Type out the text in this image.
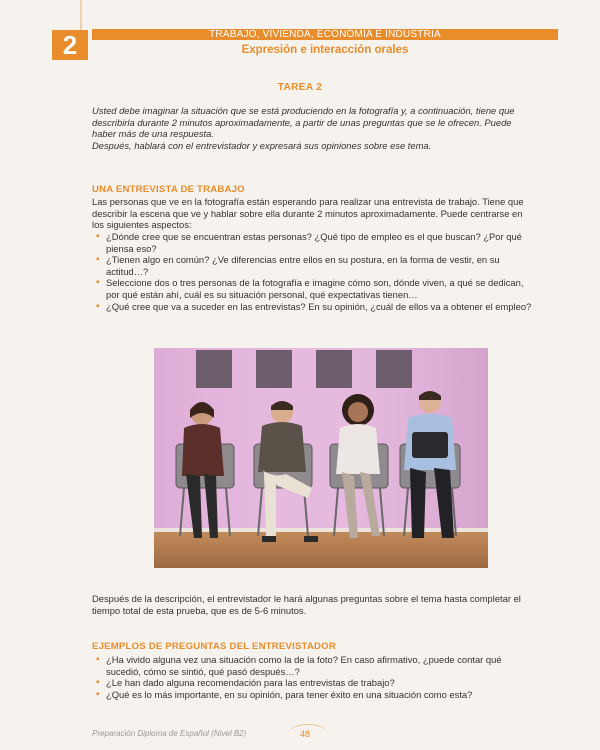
2	TRABAJO, VIVIENDA, ECONOMÍA E INDUSTRIA
Expresión e interacción orales
TAREA 2

Usted debe imaginar la situación que se está produciendo en la fotografía y, a continuación, tiene que describirla durante 2 minutos aproximadamente, a partir de unas preguntas que se le ofrecen. Puede haber más de una respuesta.

Después, hablará con el entrevistador y expresará sus opiniones sobre ese tema.

UNA ENTREVISTA DE TRABAJO

Las personas que ve en la fotografía están esperando para realizar una entrevista de trabajo. Tiene que describir la escena que ve y hablar sobre ella durante 2 minutos aproximadamente. Puede centrarse en los siguientes aspectos:

▪ ¿Dónde cree que se encuentran estas personas? ¿Qué tipo de empleo es el que buscan? ¿Por qué piensa eso?
▪ ¿Tienen algo en común? ¿Ve diferencias entre ellos en su postura, en la forma de vestir, en su actitud…?
▪ Seleccione dos o tres personas de la fotografía e imagine cómo son, dónde viven, a qué se dedican, por qué están ahí, cuál es su situación personal, qué expectativas tienen…
▪ ¿Qué cree que va a suceder en las entrevistas? En su opinión, ¿cuál de ellos va a obtener el empleo?

Después de la descripción, el entrevistador le hará algunas preguntas sobre el tema hasta completar el tiempo total de esta prueba, que es de 5-6 minutos.

EJEMPLOS DE PREGUNTAS DEL ENTREVISTADOR
▪ ¿Ha vivido alguna vez una situación como la de la foto? En caso afirmativo, ¿puede contar qué sucedió, cómo se sintió, qué pasó después…?
▪ ¿Le han dado alguna recomendación para las entrevistas de trabajo?
▪ ¿Qué es lo más importante, en su opinión, para tener éxito en una situación como esta?
Preparación Diploma de Español (Nivel B2)	48
